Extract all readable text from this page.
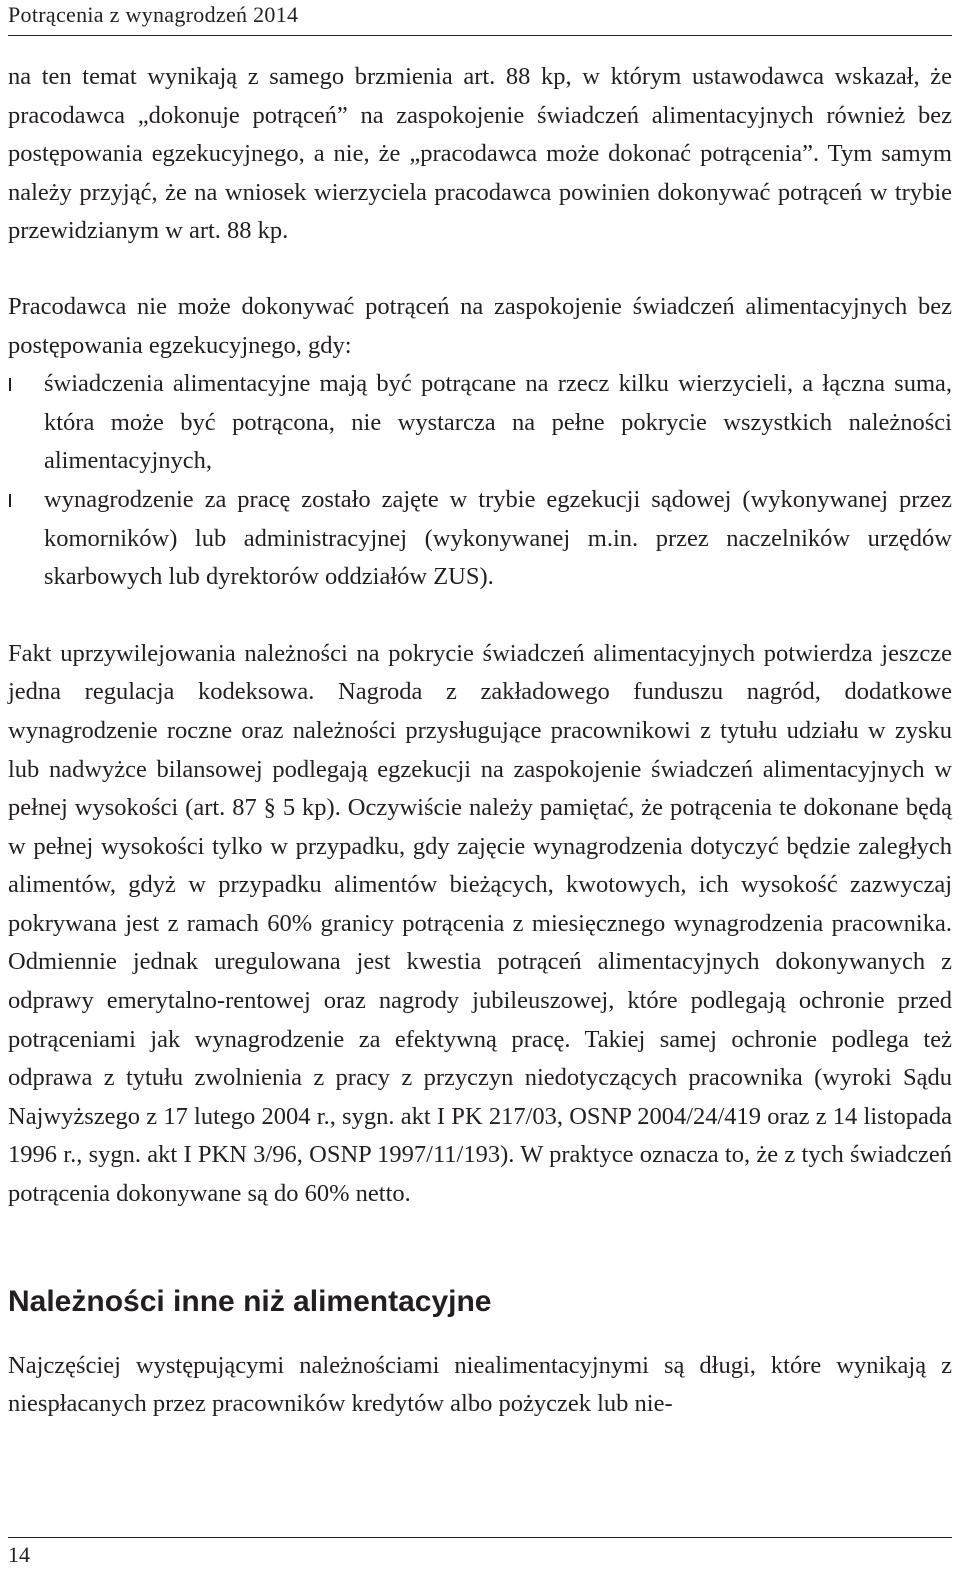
Potrącenia z wynagrodzeń 2014

na ten temat wynikają z samego brzmienia art. 88 kp, w którym ustawodawca wskazał, że pracodawca „dokonuje potrąceń” na zaspokojenie świadczeń alimentacyjnych również bez postępowania egzekucyjnego, a nie, że „pracodawca może dokonać potrącenia”. Tym samym należy przyjąć, że na wniosek wierzyciela pracodawca powinien dokonywać potrąceń w trybie przewidzianym w art. 88 kp.

Pracodawca nie może dokonywać potrąceń na zaspokojenie świadczeń alimentacyjnych bez postępowania egzekucyjnego, gdy:

świadczenia alimentacyjne mają być potrącane na rzecz kilku wierzycieli, a łączna suma, która może być potrącona, nie wystarcza na pełne pokrycie wszystkich należności alimentacyjnych,
wynagrodzenie za pracę zostało zajęte w trybie egzekucji sądowej (wykonywanej przez komorników) lub administracyjnej (wykonywanej m.in. przez naczelników urzędów skarbowych lub dyrektorów oddziałów ZUS).

Fakt uprzywilejowania należności na pokrycie świadczeń alimentacyjnych potwierdza jeszcze jedna regulacja kodeksowa. Nagroda z zakładowego funduszu nagród, dodatkowe wynagrodzenie roczne oraz należności przysługujące pracownikowi z tytułu udziału w zysku lub nadwyżce bilansowej podlegają egzekucji na zaspokojenie świadczeń alimentacyjnych w pełnej wysokości (art. 87 § 5 kp). Oczywiście należy pamiętać, że potrącenia te dokonane będą w pełnej wysokości tylko w przypadku, gdy zajęcie wynagrodzenia dotyczyć będzie zaległych alimentów, gdyż w przypadku alimentów bieżących, kwotowych, ich wysokość zazwyczaj pokrywana jest z ramach 60% granicy potrącenia z miesięcznego wynagrodzenia pracownika. Odmiennie jednak uregulowana jest kwestia potrąceń alimentacyjnych dokonywanych z odprawy emerytalno-rentowej oraz nagrody jubileuszowej, które podlegają ochronie przed potrąceniami jak wynagrodzenie za efektywną pracę. Takiej samej ochronie podlega też odprawa z tytułu zwolnienia z pracy z przyczyn niedotyczących pracownika (wyroki Sądu Najwyższego z 17 lutego 2004 r., sygn. akt I PK 217/03, OSNP 2004/24/419 oraz z 14 listopada 1996 r., sygn. akt I PKN 3/96, OSNP 1997/11/193). W praktyce oznacza to, że z tych świadczeń potrącenia dokonywane są do 60% netto.

Należności inne niż alimentacyjne

Najczęściej występującymi należnościami niealimentacyjnymi są długi, które wynikają z niespłacanych przez pracowników kredytów albo pożyczek lub nie-

14
